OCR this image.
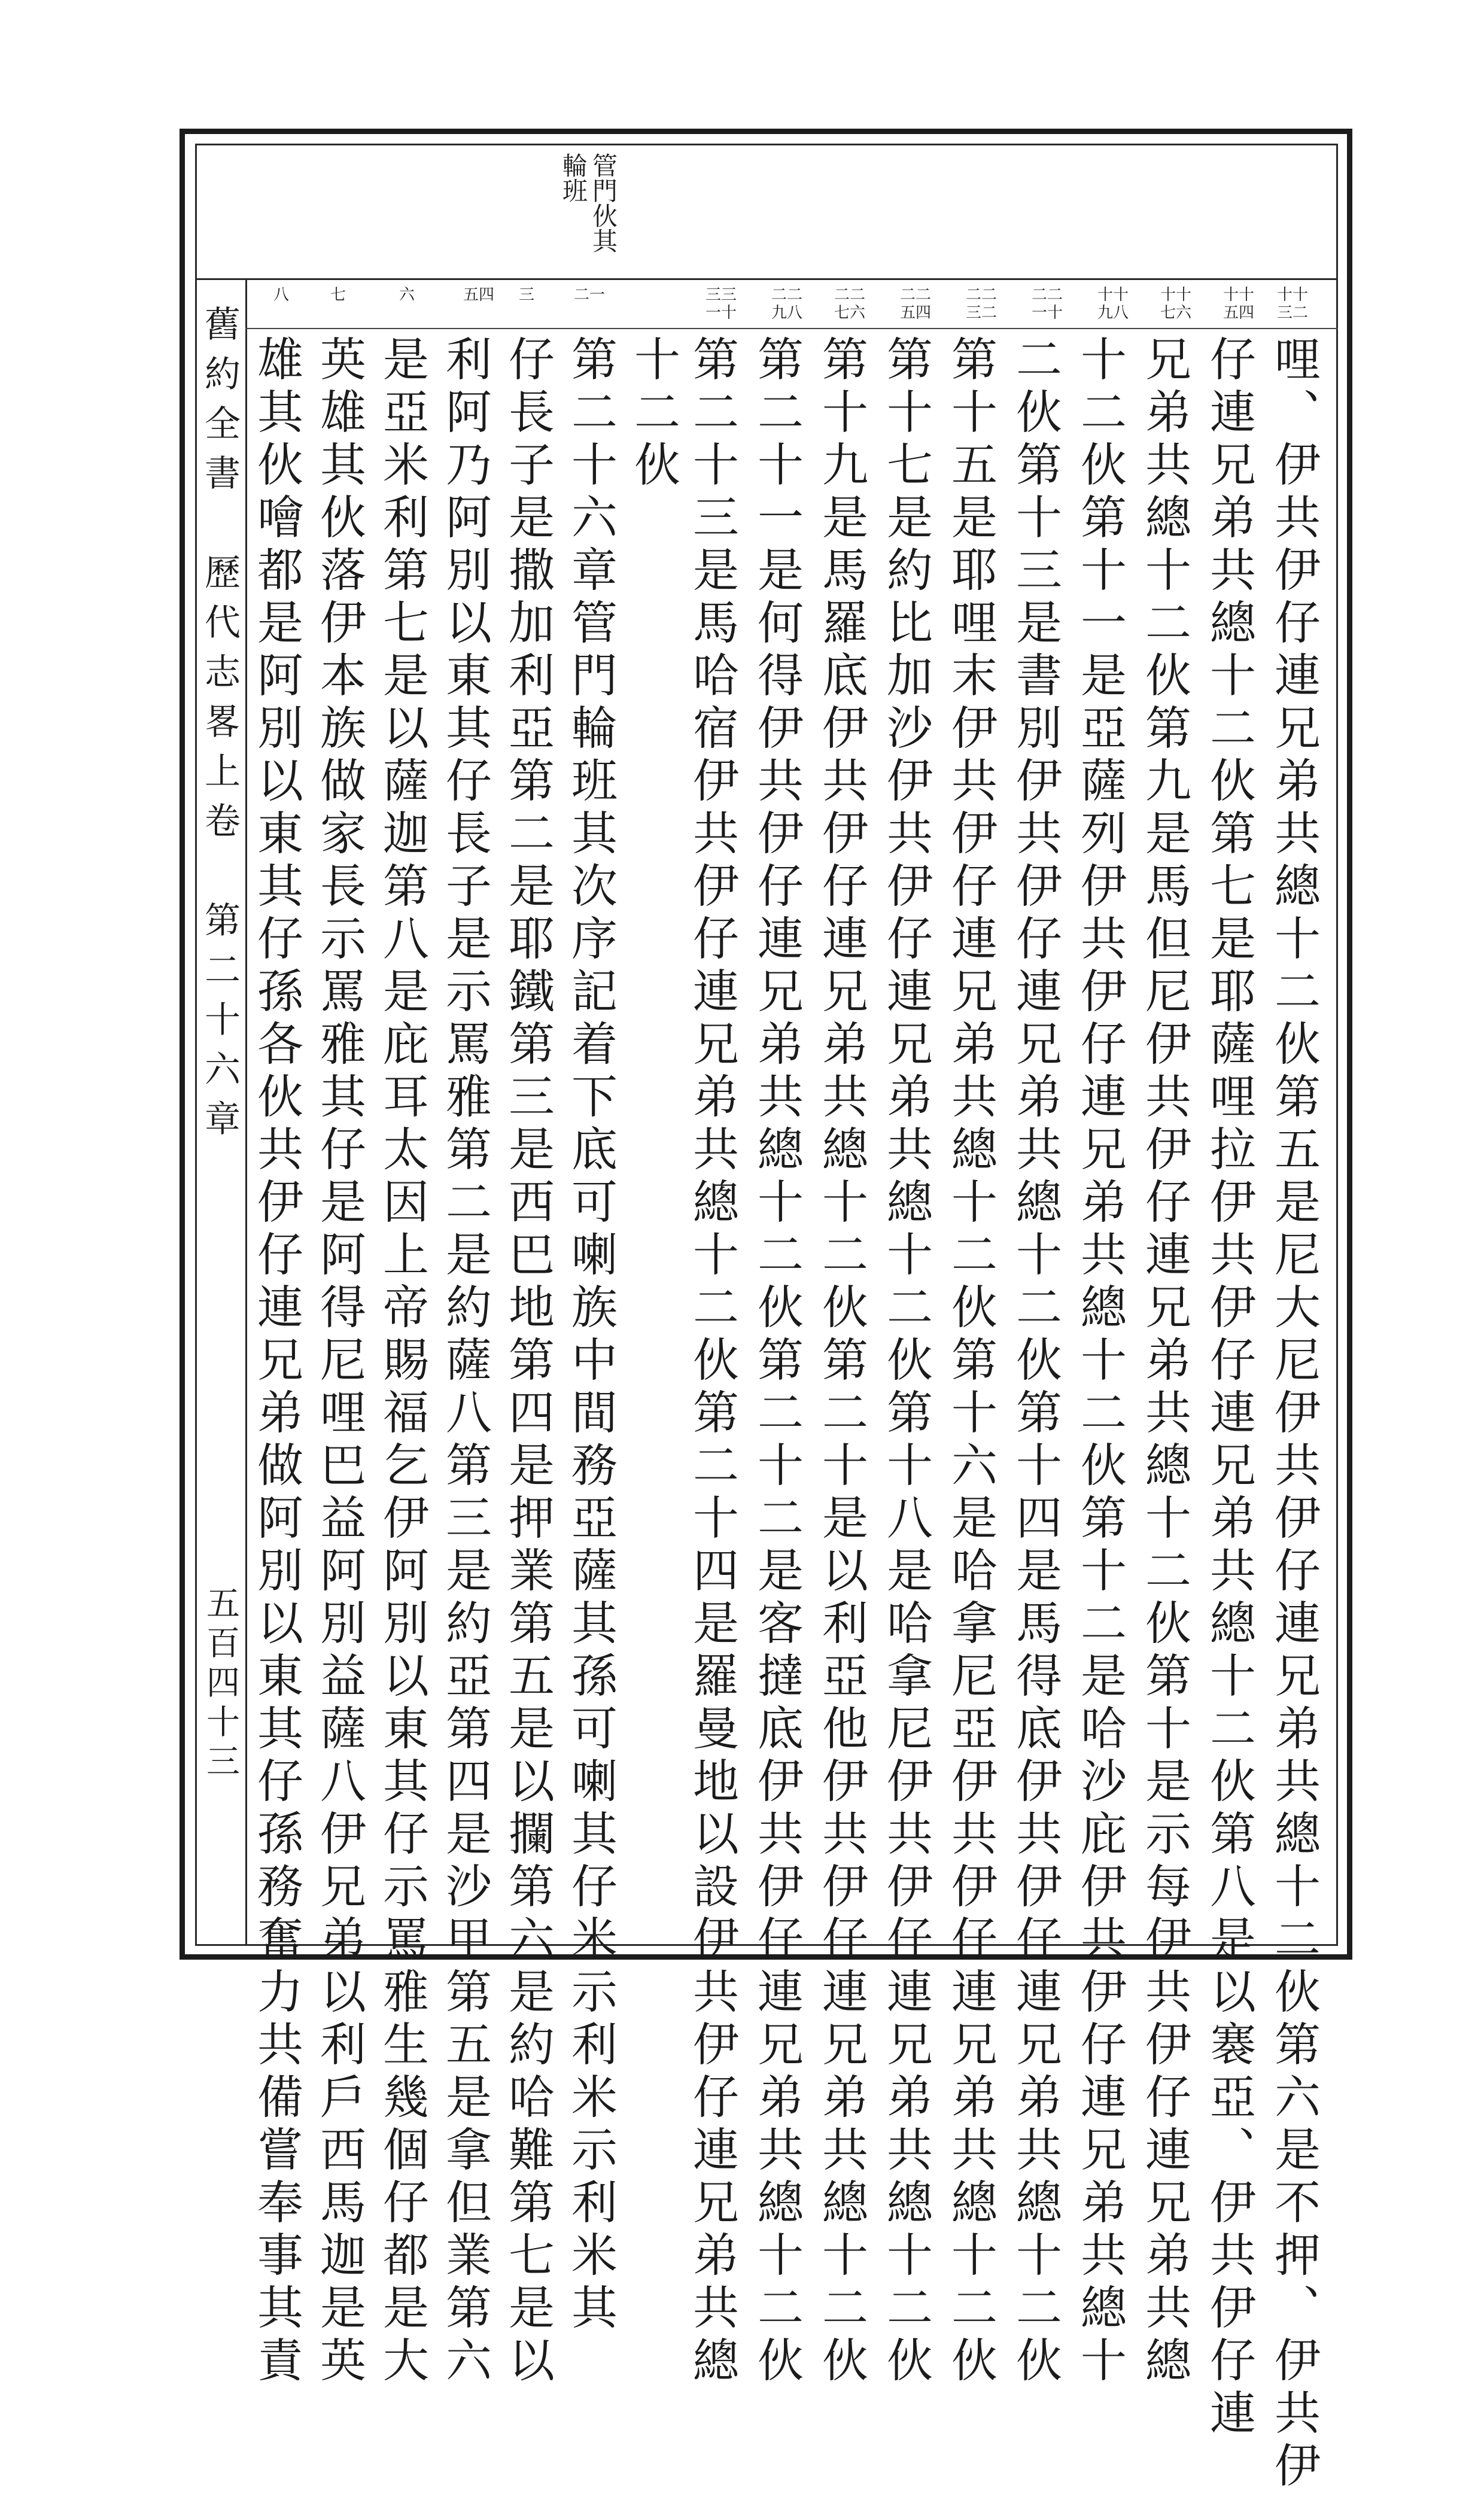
舊約全書　歷代志畧上卷　第二十六章
五百四十三
管門伙其
輪班
十十 三二
十十 五四
十十 七六
十十 九八
二二 一十
二二 三二
二二 五四
二二 七六
二二 九八
三三 一十
二一
三
五四
六
七
八
哩、伊共伊仔連兄弟共總十二伙第五是尼大尼伊共伊仔連兄弟共總十二伙第六是不押、伊共伊
仔連兄弟共總十二伙第七是耶薩哩拉伊共伊仔連兄弟共總十二伙第八是以褰亞、伊共伊仔連
兄弟共總十二伙第九是馬但尼伊共伊仔連兄弟共總十二伙第十是示每伊共伊仔連兄弟共總
十二伙第十一是亞薩列伊共伊仔連兄弟共總十二伙第十二是哈沙庇伊共伊仔連兄弟共總十
二伙第十三是書別伊共伊仔連兄弟共總十二伙第十四是馬得底伊共伊仔連兄弟共總十二伙
第十五是耶哩末伊共伊仔連兄弟共總十二伙第十六是哈拿尼亞伊共伊仔連兄弟共總十二伙
第十七是約比加沙伊共伊仔連兄弟共總十二伙第十八是哈拿尼伊共伊仔連兄弟共總十二伙
第十九是馬羅底伊共伊仔連兄弟共總十二伙第二十是以利亞他伊共伊仔連兄弟共總十二伙
第二十一是何得伊共伊仔連兄弟共總十二伙第二十二是客撻底伊共伊仔連兄弟共總十二伙
第二十三是馬哈宿伊共伊仔連兄弟共總十二伙第二十四是羅曼地以設伊共伊仔連兄弟共總
十二伙
第二十六章管門輪班其次序記着下底可喇族中間務亞薩其孫可喇其仔米示利米示利米其
仔長子是撒加利亞第二是耶鐵第三是西巴地第四是押業第五是以攔第六是約哈難第七是以
利阿乃阿別以東其仔長子是示罵雅第二是約薩八第三是約亞第四是沙甲第五是拿但業第六
是亞米利第七是以薩迦第八是庇耳太因上帝賜福乞伊阿別以東其仔示罵雅生幾個仔都是大
英雄其伙落伊本族做家長示罵雅其仔是阿得尼哩巴益阿別益薩八伊兄弟以利戶西馬迦是英
雄其伙噲都是阿別以東其仔孫各伙共伊仔連兄弟做阿別以東其仔孫務奮力共備嘗奉事其責
